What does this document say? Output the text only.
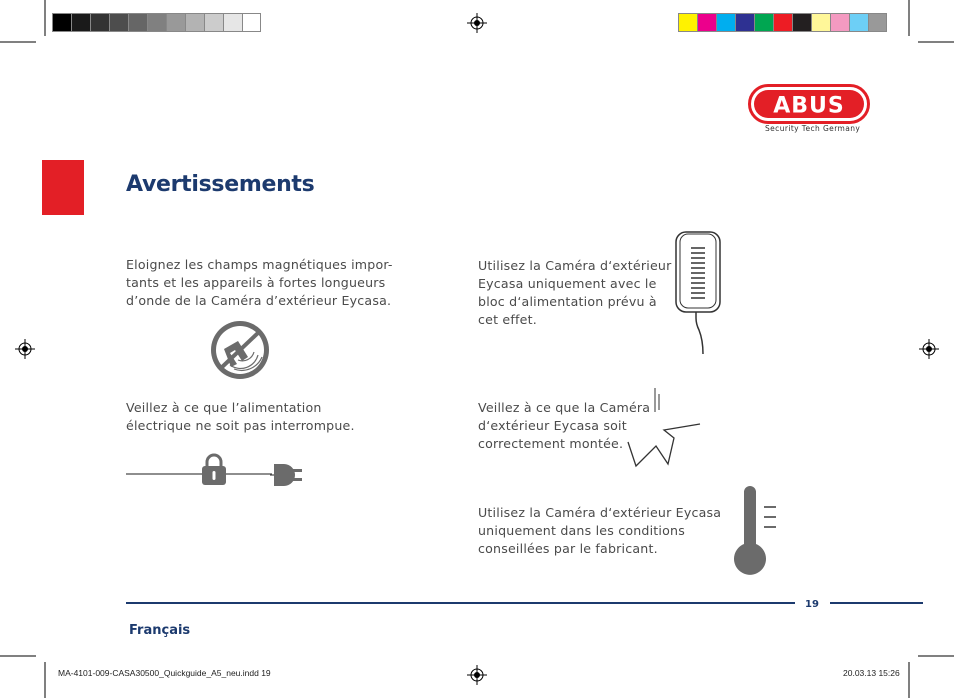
ABUS
Security Tech Germany
Avertissements
Eloignez les champs magnétiques impor-
tants et les appareils à fortes longueurs
d’onde de la Caméra d’extérieur Eycasa.
Veillez à ce que l’alimentation
électrique ne soit pas interrompue.
Utilisez la Caméra d‘extérieur
Eycasa uniquement avec le
bloc d‘alimentation prévu à
cet effet.
Veillez à ce que la Caméra
d‘extérieur Eycasa soit
correctement montée.
Utilisez la Caméra d‘extérieur Eycasa
uniquement dans les conditions
conseillées par le fabricant.
19
Français
MA-4101-009-CASA30500_Quickguide_A5_neu.indd 19	20.03.13 15:26
